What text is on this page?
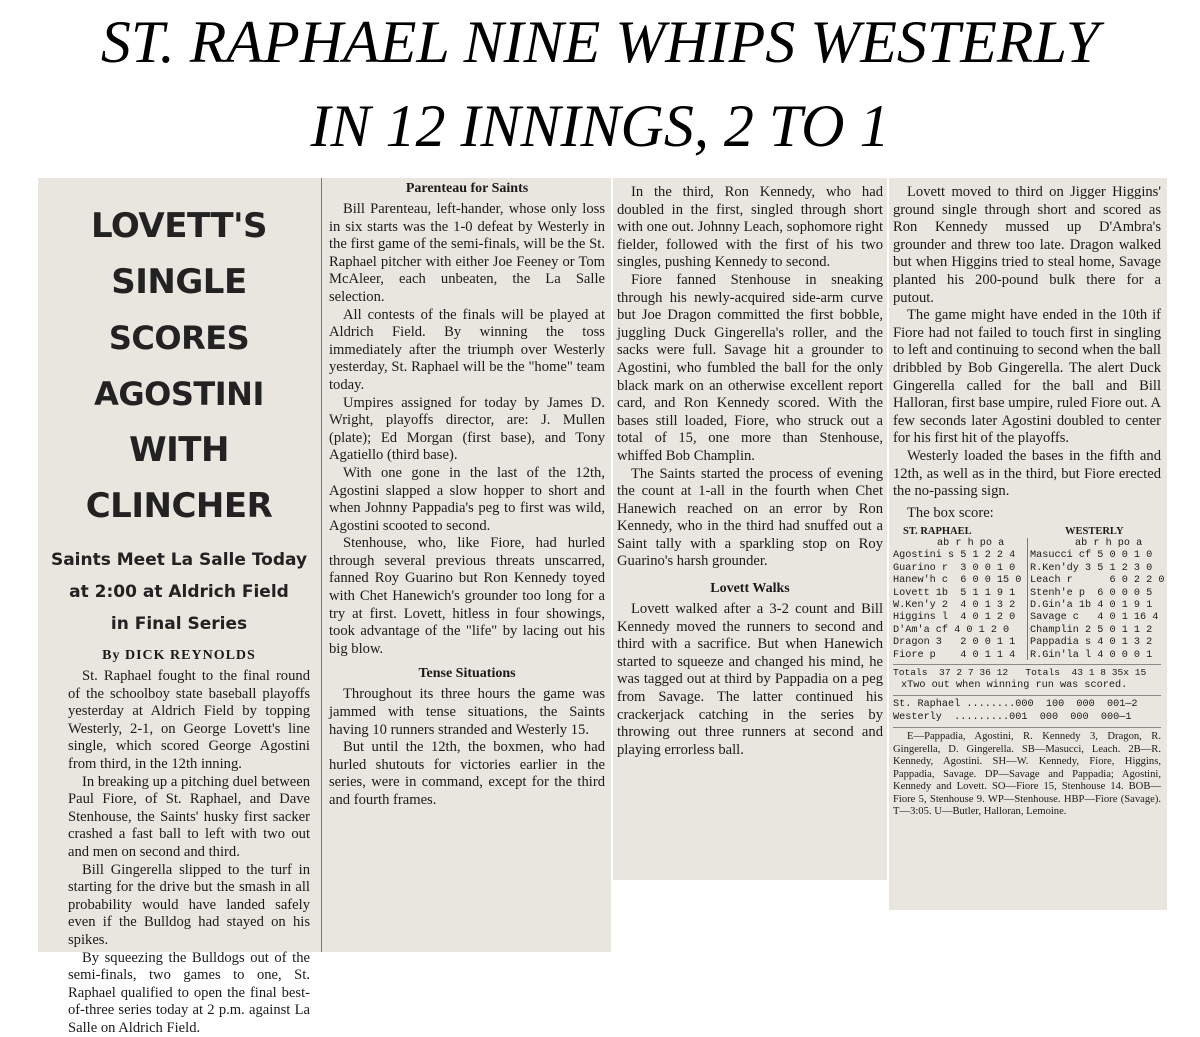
ST. RAPHAEL NINE WHIPS WESTERLY
IN 12 INNINGS, 2 TO 1
LOVETT'S SINGLE
SCORES AGOSTINI
WITH CLINCHER
Saints Meet La Salle Today
at 2:00 at Aldrich Field
in Final Series

By DICK REYNOLDS

St. Raphael fought to the final round of the schoolboy state baseball playoffs yesterday at Aldrich Field by topping Westerly, 2-1, on George Lovett's line single, which scored George Agostini from third, in the 12th inning.

In breaking up a pitching duel between Paul Fiore, of St. Raphael, and Dave Stenhouse, the Saints' husky first sacker crashed a fast ball to left with two out and men on second and third.

Bill Gingerella slipped to the turf in starting for the drive but the smash in all probability would have landed safely even if the Bulldog had stayed on his spikes.

By squeezing the Bulldogs out of the semi-finals, two games to one, St. Raphael qualified to open the final best-of-three series today at 2 p.m. against La Salle on Aldrich Field.

Parenteau for Saints

Bill Parenteau, left-hander, whose only loss in six starts was the 1-0 defeat by Westerly in the first game of the semi-finals, will be the St. Raphael pitcher with either Joe Feeney or Tom McAleer, each unbeaten, the La Salle selection.

All contests of the finals will be played at Aldrich Field. By winning the toss immediately after the triumph over Westerly yesterday, St. Raphael will be the "home" team today.

Umpires assigned for today by James D. Wright, playoffs director, are: J. Mullen (plate); Ed Morgan (first base), and Tony Agatiello (third base).

With one gone in the last of the 12th, Agostini slapped a slow hopper to short and when Johnny Pappadia's peg to first was wild, Agostini scooted to second.

Stenhouse, who, like Fiore, had hurled through several previous threats unscarred, fanned Roy Guarino but Ron Kennedy toyed with Chet Hanewich's grounder too long for a try at first. Lovett, hitless in four showings, took advantage of the "life" by lacing out his big blow.

Tense Situations

Throughout its three hours the game was jammed with tense situations, the Saints having 10 runners stranded and Westerly 15.

But until the 12th, the boxmen, who had hurled shutouts for victories earlier in the series, were in command, except for the third and fourth frames.

In the third, Ron Kennedy, who had doubled in the first, singled through short with one out. Johnny Leach, sophomore right fielder, followed with the first of his two singles, pushing Kennedy to second.

Fiore fanned Stenhouse in sneaking through his newly-acquired side-arm curve but Joe Dragon committed the first bobble, juggling Duck Gingerella's roller, and the sacks were full. Savage hit a grounder to Agostini, who fumbled the ball for the only black mark on an otherwise excellent report card, and Ron Kennedy scored. With the bases still loaded, Fiore, who struck out a total of 15, one more than Stenhouse, whiffed Bob Champlin.

The Saints started the process of evening the count at 1-all in the fourth when Chet Hanewich reached on an error by Ron Kennedy, who in the third had snuffed out a Saint tally with a sparkling stop on Roy Guarino's harsh grounder.

Lovett Walks

Lovett walked after a 3-2 count and Bill Kennedy moved the runners to second and third with a sacrifice. But when Hanewich started to squeeze and changed his mind, he was tagged out at third by Pappadia on a peg from Savage. The latter continued his crackerjack catching in the series by throwing out three runners at second and playing errorless ball.

Lovett moved to third on Jigger Higgins' ground single through short and scored as Ron Kennedy mussed up D'Ambra's grounder and threw too late. Dragon walked but when Higgins tried to steal home, Savage planted his 200-pound bulk there for a putout.

The game might have ended in the 10th if Fiore had not failed to touch first in singling to left and continuing to second when the ball dribbled by Bob Gingerella. The alert Duck Gingerella called for the ball and Bill Halloran, first base umpire, ruled Fiore out. A few seconds later Agostini doubled to center for his first hit of the playoffs.

Westerly loaded the bases in the fifth and 12th, as well as in the third, but Fiore erected the no-passing sign.

The box score:

ST. RAPHAEL	WESTERLY
ab r h po a	ab r h po a
Agostini s 5 1 2 2 4
Guarino r  3 0 0 1 0
Hanew'h c  6 0 0 15 0
Lovett 1b  5 1 1 9 1
W.Ken'y 2  4 0 1 3 2
Higgins l  4 0 1 2 0
D'Am'a cf 4 0 1 2 0
Dragon 3   2 0 0 1 1
Fiore p    4 0 1 1 4
Masucci cf 5 0 0 1 0
R.Ken'dy 3 5 1 2 3 0
Leach r      6 0 2 2 0
Stenh'e p  6 0 0 0 5
D.Gin'a 1b 4 0 1 9 1
Savage c   4 0 1 16 4
Champlin 2 5 0 1 1 2
Pappadia s 4 0 1 3 2
R.Gin'la l 4 0 0 0 1
Totals  37 2 7 36 12   Totals  43 1 8 35x 15
xTwo out when winning run was scored.
St. Raphael ........000  100  000  001—2
Westerly  .........001  000  000  000—1

E—Pappadia, Agostini, R. Kennedy 3, Dragon, R. Gingerella, D. Gingerella. SB—Masucci, Leach. 2B—R. Kennedy, Agostini. SH—W. Kennedy, Fiore, Higgins, Pappadia, Savage. DP—Savage and Pappadia; Agostini, Kennedy and Lovett. SO—Fiore 15, Stenhouse 14. BOB—Fiore 5, Stenhouse 9. WP—Stenhouse. HBP—Fiore (Savage). T—3:05. U—Butler, Halloran, Lemoine.
